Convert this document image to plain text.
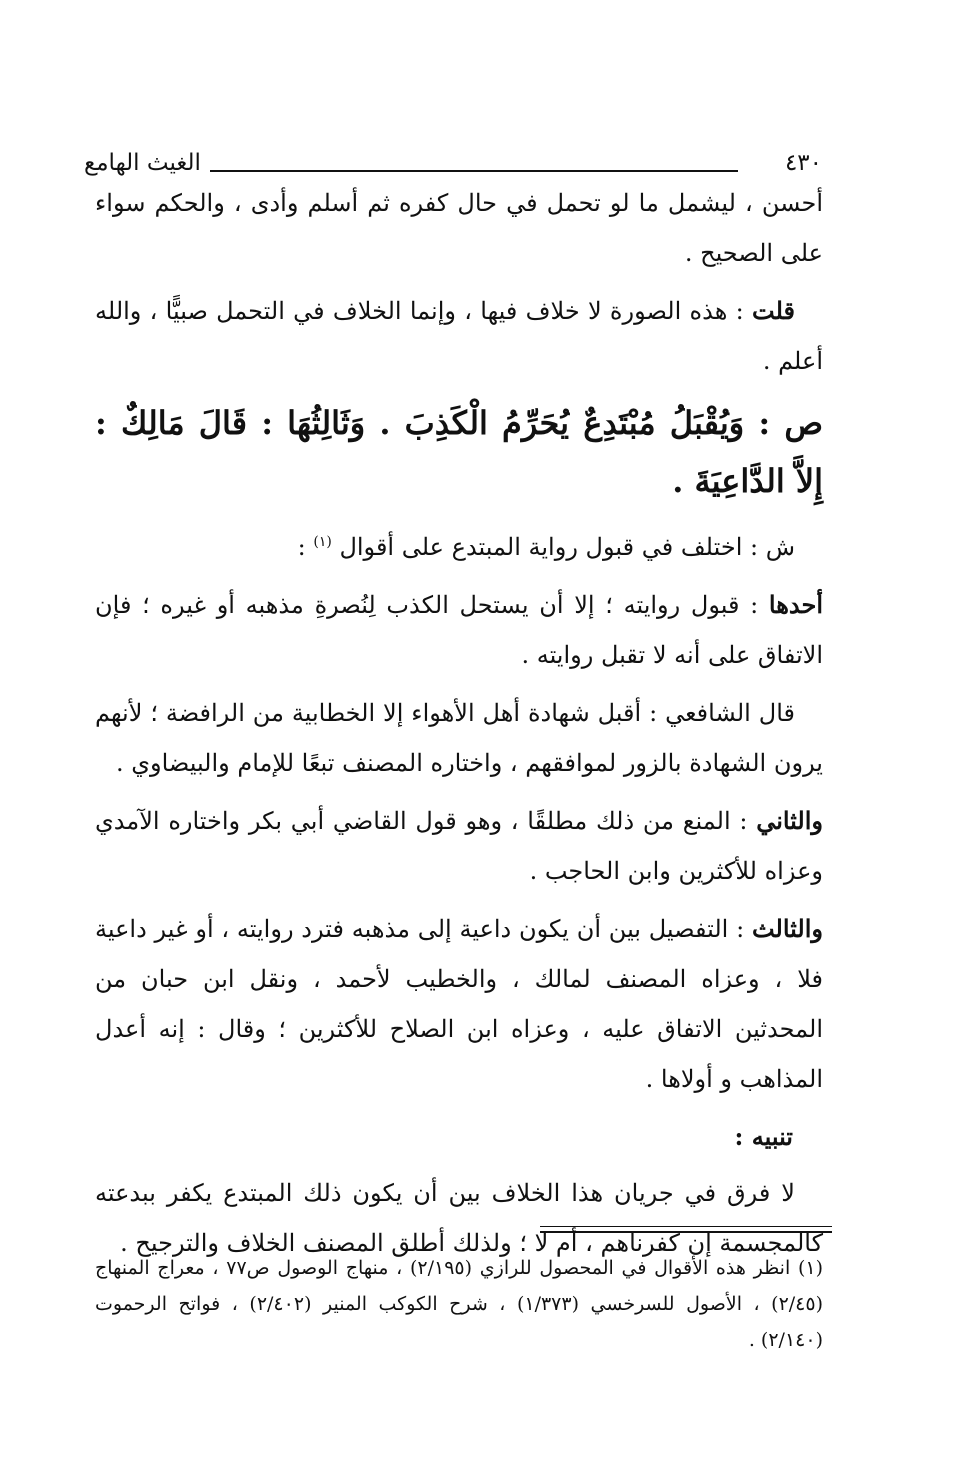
٤٣٠
الغيث الهامع

أحسن ، ليشمل ما لو تحمل في حال كفره ثم أسلم وأدى ، والحكم سواء على الصحيح .

قلت : هذه الصورة لا خلاف فيها ، وإنما الخلاف في التحمل صبيًّا ، والله أعلم .

ص : وَيُقْبَلُ مُبْتَدِعٌ يُحَرِّمُ الْكَذِبَ . وَثَالِثُهَا : قَالَ مَالِكٌ : إِلاَّ الدَّاعِيَةَ .

ش : اختلف في قبول رواية المبتدع على أقوال $^{(١)}$ :

أحدها : قبول روايته ؛ إلا أن يستحل الكذب لِنُصرةِ مذهبه أو غيره ؛ فإن الاتفاق على أنه لا تقبل روايته .

قال الشافعي : أقبل شهادة أهل الأهواء إلا الخطابية من الرافضة ؛ لأنهم يرون الشهادة بالزور لموافقهم ، واختاره المصنف تبعًا للإمام والبيضاوي .

والثاني : المنع من ذلك مطلقًا ، وهو قول القاضي أبي بكر واختاره الآمدي وعزاه للأكثرين وابن الحاجب .

والثالث : التفصيل بين أن يكون داعية إلى مذهبه فترد روايته ، أو غير داعية فلا ، وعزاه المصنف لمالك ، والخطيب لأحمد ، ونقل ابن حبان من المحدثين الاتفاق عليه ، وعزاه ابن الصلاح للأكثرين ؛ وقال : إنه أعدل المذاهب و أولاها .

تنبيه :

لا فرق في جريان هذا الخلاف بين أن يكون ذلك المبتدع يكفر ببدعته كالمجسمة إن كفرناهم ، أم لا ؛ ولذلك أطلق المصنف الخلاف والترجيح .

(١) انظر هذه الأقوال في المحصول للرازي (٢/١٩٥) ، منهاج الوصول ص٧٧ ، معراج المنهاج (٢/٤٥) ، الأصول للسرخسي (١/٣٧٣) ، شرح الكوكب المنير (٢/٤٠٢) ، فواتح الرحموت (٢/١٤٠) .
